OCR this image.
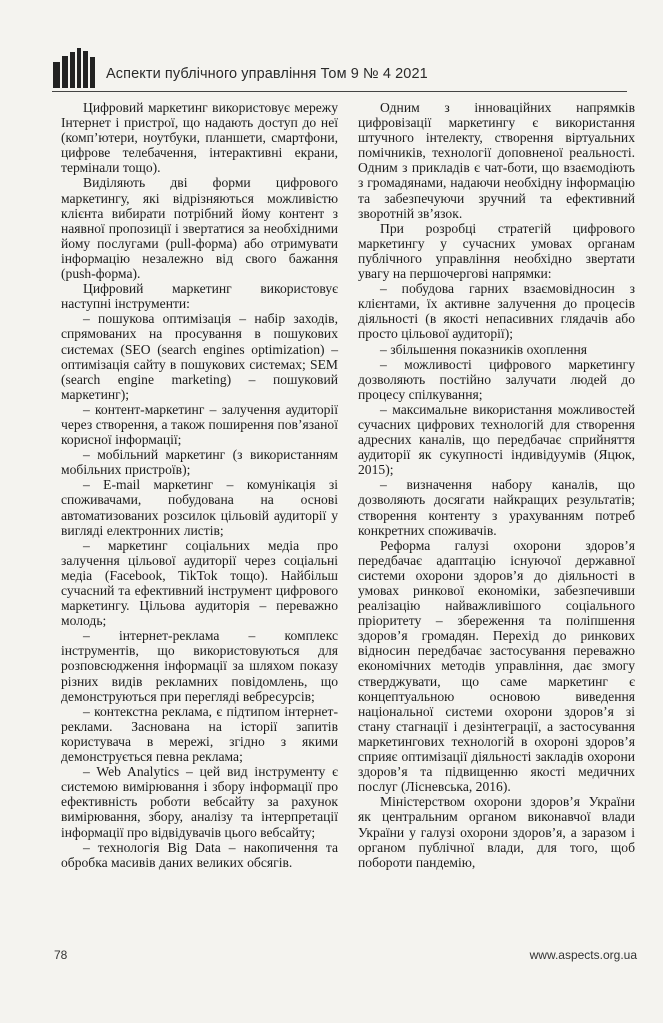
Аспекти публічного управління Том 9 № 4 2021

Цифровий маркетинг використовує мережу Інтернет і пристрої, що надають доступ до неї (комп’ютери, ноутбуки, планшети, смартфони, цифрове телебачення, інтерактивні екрани, термінали тощо).

Виділяють дві форми цифрового маркетингу, які відрізняються можливістю клієнта вибирати потрібний йому контент з наявної пропозиції і звертатися за необхідними йому послугами (pull-форма) або отримувати інформацію незалежно від свого бажання (push-форма).

Цифровий маркетинг використовує наступні інструменти:

– пошукова оптимізація – набір заходів, спрямованих на просування в пошукових системах (SEO (search engines optimization) – оптимізація сайту в пошукових системах; SEM (search engine marketing) – пошуковий маркетинг);

– контент-маркетинг – залучення аудиторії через створення, а також поширення пов’язаної корисної інформації;

– мобільний маркетинг (з використанням мобільних пристроїв);

– E-mail маркетинг – комунікація зі споживачами, побудована на основі автоматизованих розсилок цільовій аудиторії у вигляді електронних листів;

– маркетинг соціальних медіа про залучення цільової аудиторії через соціальні медіа (Facebook, TikTok тощо). Найбільш сучасний та ефективний інструмент цифрового маркетингу. Цільова аудиторія – переважно молодь;

– інтернет-реклама – комплекс інструментів, що використовуються для розповсюдження інформації за шляхом показу різних видів рекламних повідомлень, що демонструються при перегляді вебресурсів;

– контекстна реклама, є підтипом інтернет-реклами. Заснована на історії запитів користувача в мережі, згідно з якими демонструється певна реклама;

– Web Analytics – цей вид інструменту є системою вимірювання і збору інформації про ефективність роботи вебсайту за рахунок вимірювання, збору, аналізу та інтерпретації інформації про відвідувачів цього вебсайту;

– технологія Big Data – накопичення та обробка масивів даних великих обсягів.

Одним з інноваційних напрямків цифровізації маркетингу є використання штучного інтелекту, створення віртуальних помічників, технології доповненої реальності. Одним з прикладів є чат-боти, що взаємодіють з громадянами, надаючи необхідну інформацію та забезпечуючи зручний та ефективний зворотній зв’язок.

При розробці стратегій цифрового маркетингу у сучасних умовах органам публічного управління необхідно звертати увагу на першочергові напрямки:

– побудова гарних взаємовідносин з клієнтами, їх активне залучення до процесів діяльності (в якості непасивних глядачів або просто цільової аудиторії);

– збільшення показників охоплення

– можливості цифрового маркетингу дозволяють постійно залучати людей до процесу спілкування;

– максимальне використання можливостей сучасних цифрових технологій для створення адресних каналів, що передбачає сприйняття аудиторії як сукупності індивідуумів (Яцюк, 2015);

– визначення набору каналів, що дозволяють досягати найкращих результатів; створення контенту з урахуванням потреб конкретних споживачів.

Реформа галузі охорони здоров’я передбачає адаптацію існуючої державної системи охорони здоров’я до діяльності в умовах ринкової економіки, забезпечивши реалізацію найважливішого соціального пріоритету – збереження та поліпшення здоров’я громадян. Перехід до ринкових відносин передбачає застосування переважно економічних методів управління, дає змогу стверджувати, що саме маркетинг є концептуальною основою виведення національної системи охорони здоров’я зі стану стагнації і дезінтеграції, а застосування маркетингових технологій в охороні здоров’я сприяє оптимізації діяльності закладів охорони здоров’я та підвищенню якості медичних послуг (Лісневська, 2016).

Міністерством охорони здоров’я України як центральним органом виконавчої влади України у галузі охорони здоров’я, а заразом і органом публічної влади, для того, щоб побороти пандемію,

78	www.aspects.org.ua
